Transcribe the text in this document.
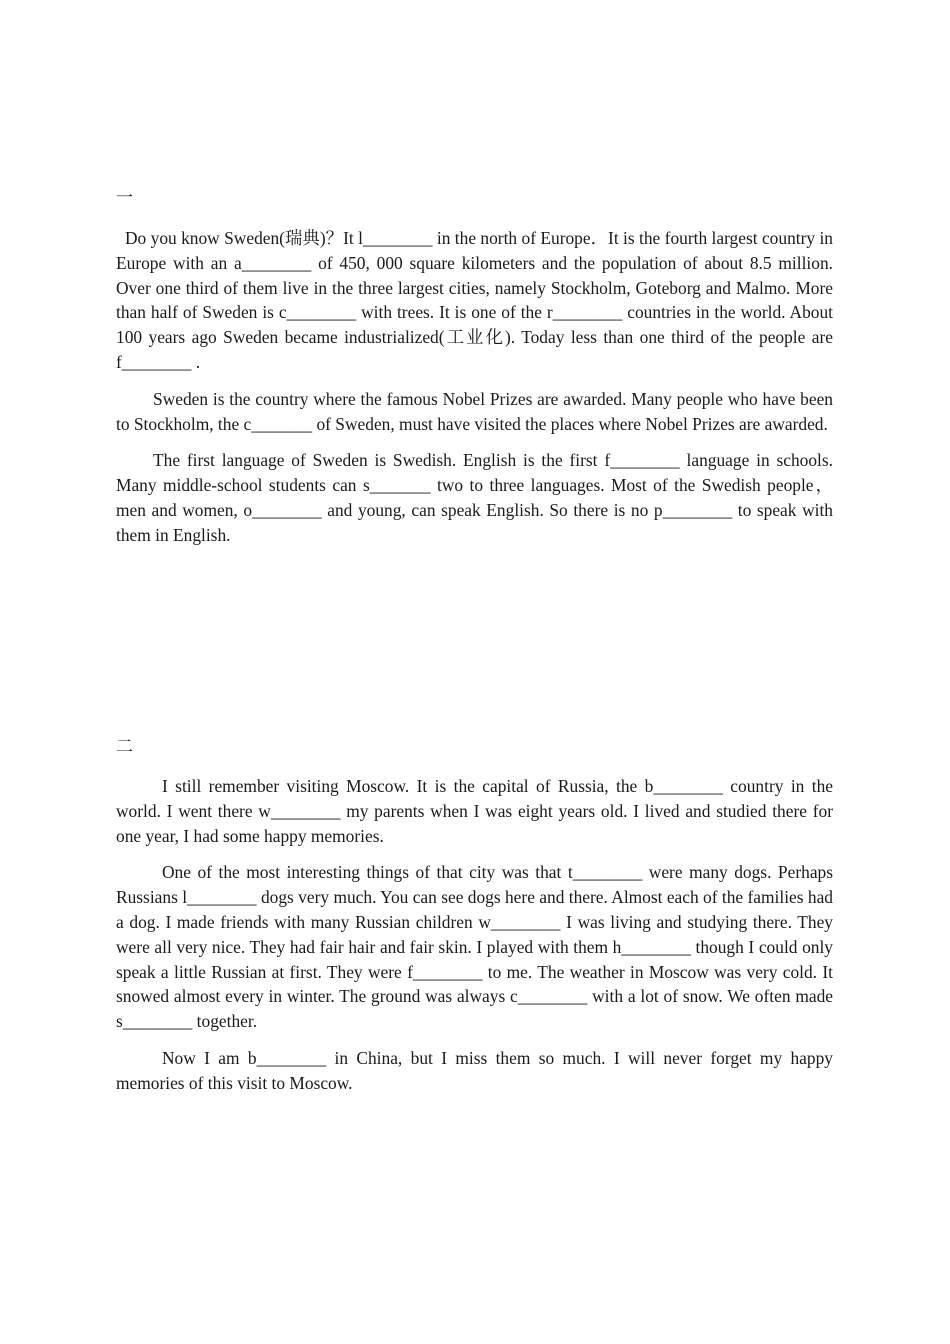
一

Do you know Sweden(瑞典)？It l________ in the north of Europe．It is the fourth largest country in Europe with an a________ of 450, 000 square kilometers and the population of about 8.5 million. Over one third of them live in the three largest cities, namely Stockholm, Goteborg and Malmo. More than half of Sweden is c________ with trees. It is one of the r________ countries in the world. About 100 years ago Sweden became industrialized(工业化). Today less than one third of the people are f________ .

Sweden is the country where the famous Nobel Prizes are awarded. Many people who have been to Stockholm, the c_______ of Sweden, must have visited the places where Nobel Prizes are awarded.

The first language of Sweden is Swedish. English is the first f________ language in schools. Many middle-school students can s_______ two to three languages. Most of the Swedish people，men and women, o________ and young, can speak English. So there is no p________ to speak with them in English.

二

I still remember visiting Moscow. It is the capital of Russia, the b________ country in the world. I went there w________ my parents when I was eight years old. I lived and studied there for one year, I had some happy memories.

One of the most interesting things of that city was that t________ were many dogs. Perhaps Russians l________ dogs very much. You can see dogs here and there. Almost each of the families had a dog. I made friends with many Russian children w________ I was living and studying there. They were all very nice. They had fair hair and fair skin. I played with them h________ though I could only speak a little Russian at first. They were f________ to me. The weather in Moscow was very cold. It snowed almost every in winter. The ground was always c________ with a lot of snow. We often made s________ together.

Now I am b________ in China, but I miss them so much. I will never forget my happy memories of this visit to Moscow.
